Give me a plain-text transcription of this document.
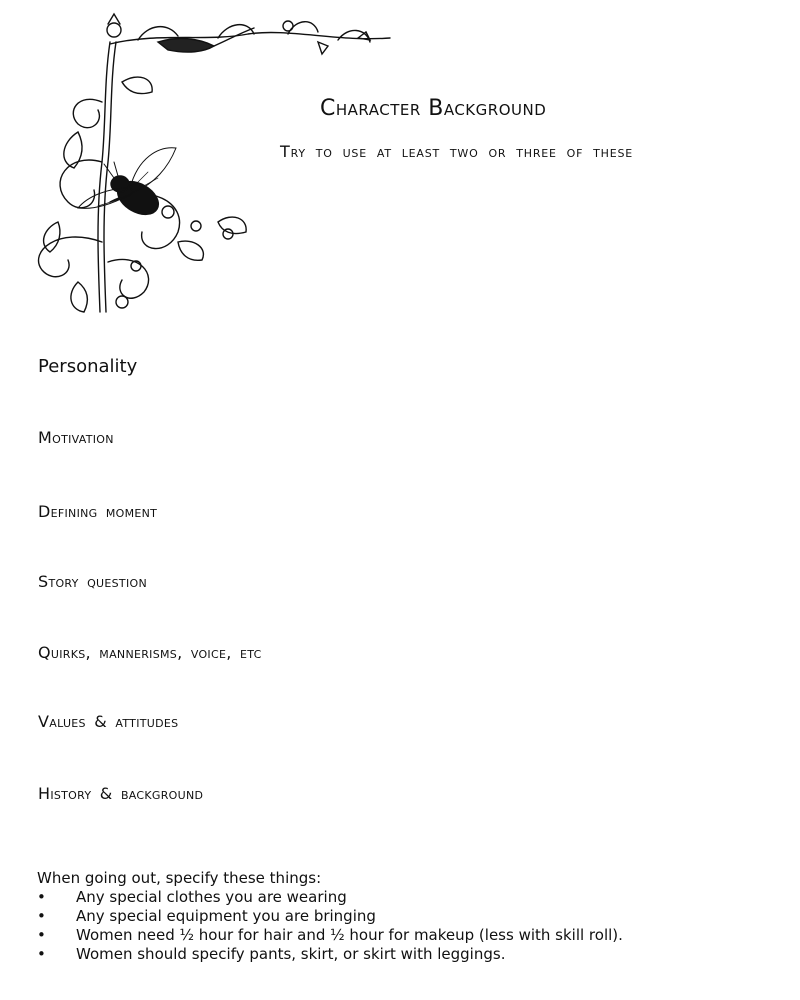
Character Background

Try to use at least two or three of these

Personality
Motivation
Defining moment
Story question
Quirks, mannerisms, voice, etc
Values & attitudes
History & background

When going out, specify these things:

• Any special clothes you are wearing
• Any special equipment you are bringing
• Women need ½ hour for hair and ½ hour for makeup (less with skill roll).
• Women should specify pants, skirt, or skirt with leggings.
